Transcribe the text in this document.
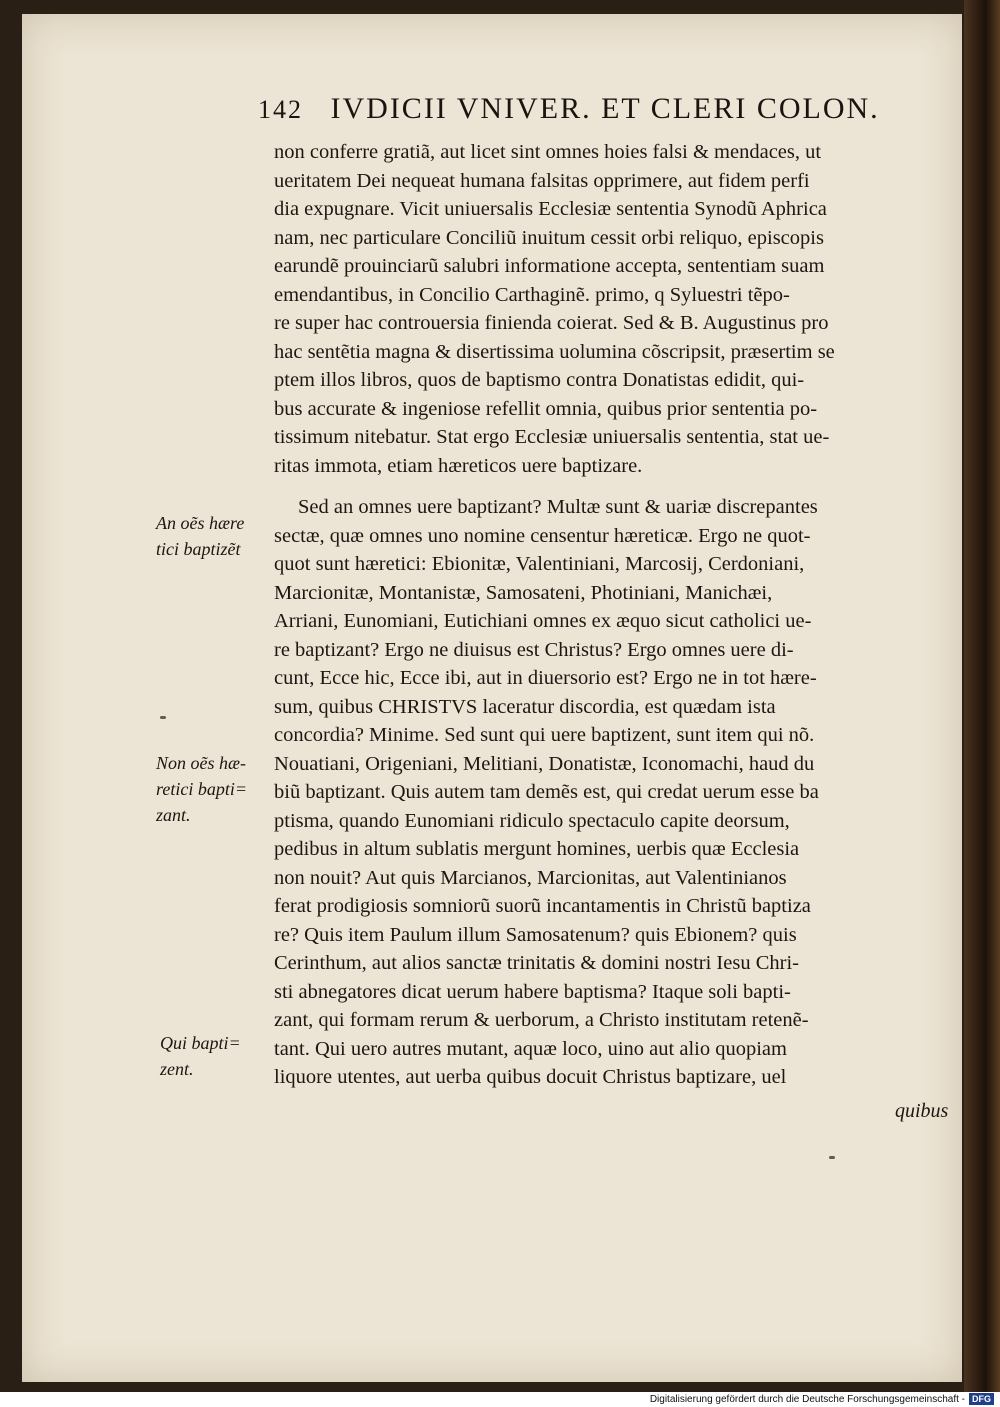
142 IVDICII VNIVER. ET CLERI COLON.
non conferre gratiã, aut licet sint omnes hoies falsi & mendaces, ut
ueritatem Dei nequeat humana falsitas opprimere, aut fidem perfi
dia expugnare. Vicit uniuersalis Ecclesiæ sententia Synodũ Aphrica
nam, nec particulare Conciliũ inuitum cessit orbi reliquo, episcopis
earundẽ prouinciarũ salubri informatione accepta, sententiam suam
emendantibus, in Concilio Carthaginẽ. primo, q Syluestri tẽpo-
re super hac controuersia finienda coierat. Sed & B. Augustinus pro
hac sentẽtia magna & disertissima uolumina cõscripsit, præsertim se
ptem illos libros, quos de baptismo contra Donatistas edidit, qui-
bus accurate & ingeniose refellit omnia, quibus prior sententia po-
tissimum nitebatur. Stat ergo Ecclesiæ uniuersalis sententia, stat ue-
ritas immota, etiam hæreticos uere baptizare.
Sed an omnes uere baptizant? Multæ sunt & uariæ discrepantes
sectæ, quæ omnes uno nomine censentur hæreticæ. Ergo ne quot-
quot sunt hæretici: Ebionitæ, Valentiniani, Marcosij, Cerdoniani,
Marcionitæ, Montanistæ, Samosateni, Photiniani, Manichæi,
Arriani, Eunomiani, Eutichiani omnes ex æquo sicut catholici ue-
re baptizant? Ergo ne diuisus est Christus? Ergo omnes uere di-
cunt, Ecce hic, Ecce ibi, aut in diuersorio est? Ergo ne in tot hære-
sum, quibus CHRISTVS laceratur discordia, est quædam ista
concordia? Minime. Sed sunt qui uere baptizent, sunt item qui nõ.
Nouatiani, Origeniani, Melitiani, Donatistæ, Iconomachi, haud du
biũ baptizant. Quis autem tam demẽs est, qui credat uerum esse ba
ptisma, quando Eunomiani ridiculo spectaculo capite deorsum,
pedibus in altum sublatis mergunt homines, uerbis quæ Ecclesia
non nouit? Aut quis Marcianos, Marcionitas, aut Valentinianos
ferat prodigiosis somniorũ suorũ incantamentis in Christũ baptiza
re? Quis item Paulum illum Samosatenum? quis Ebionem? quis
Cerinthum, aut alios sanctæ trinitatis & domini nostri Iesu Chri-
sti abnegatores dicat uerum habere baptisma? Itaque soli bapti-
zant, qui formam rerum & uerborum, a Christo institutam retenẽ-
tant. Qui uero autres mutant, aquæ loco, uino aut alio quopiam
liquore utentes, aut uerba quibus docuit Christus baptizare, uel
quibus
An oẽs hære
tici baptizẽt
Non oẽs hæ-
retici bapti=
zant.
Qui bapti=
zent.
Digitalisierung gefördert durch die Deutsche Forschungsgemeinschaft - DFG
